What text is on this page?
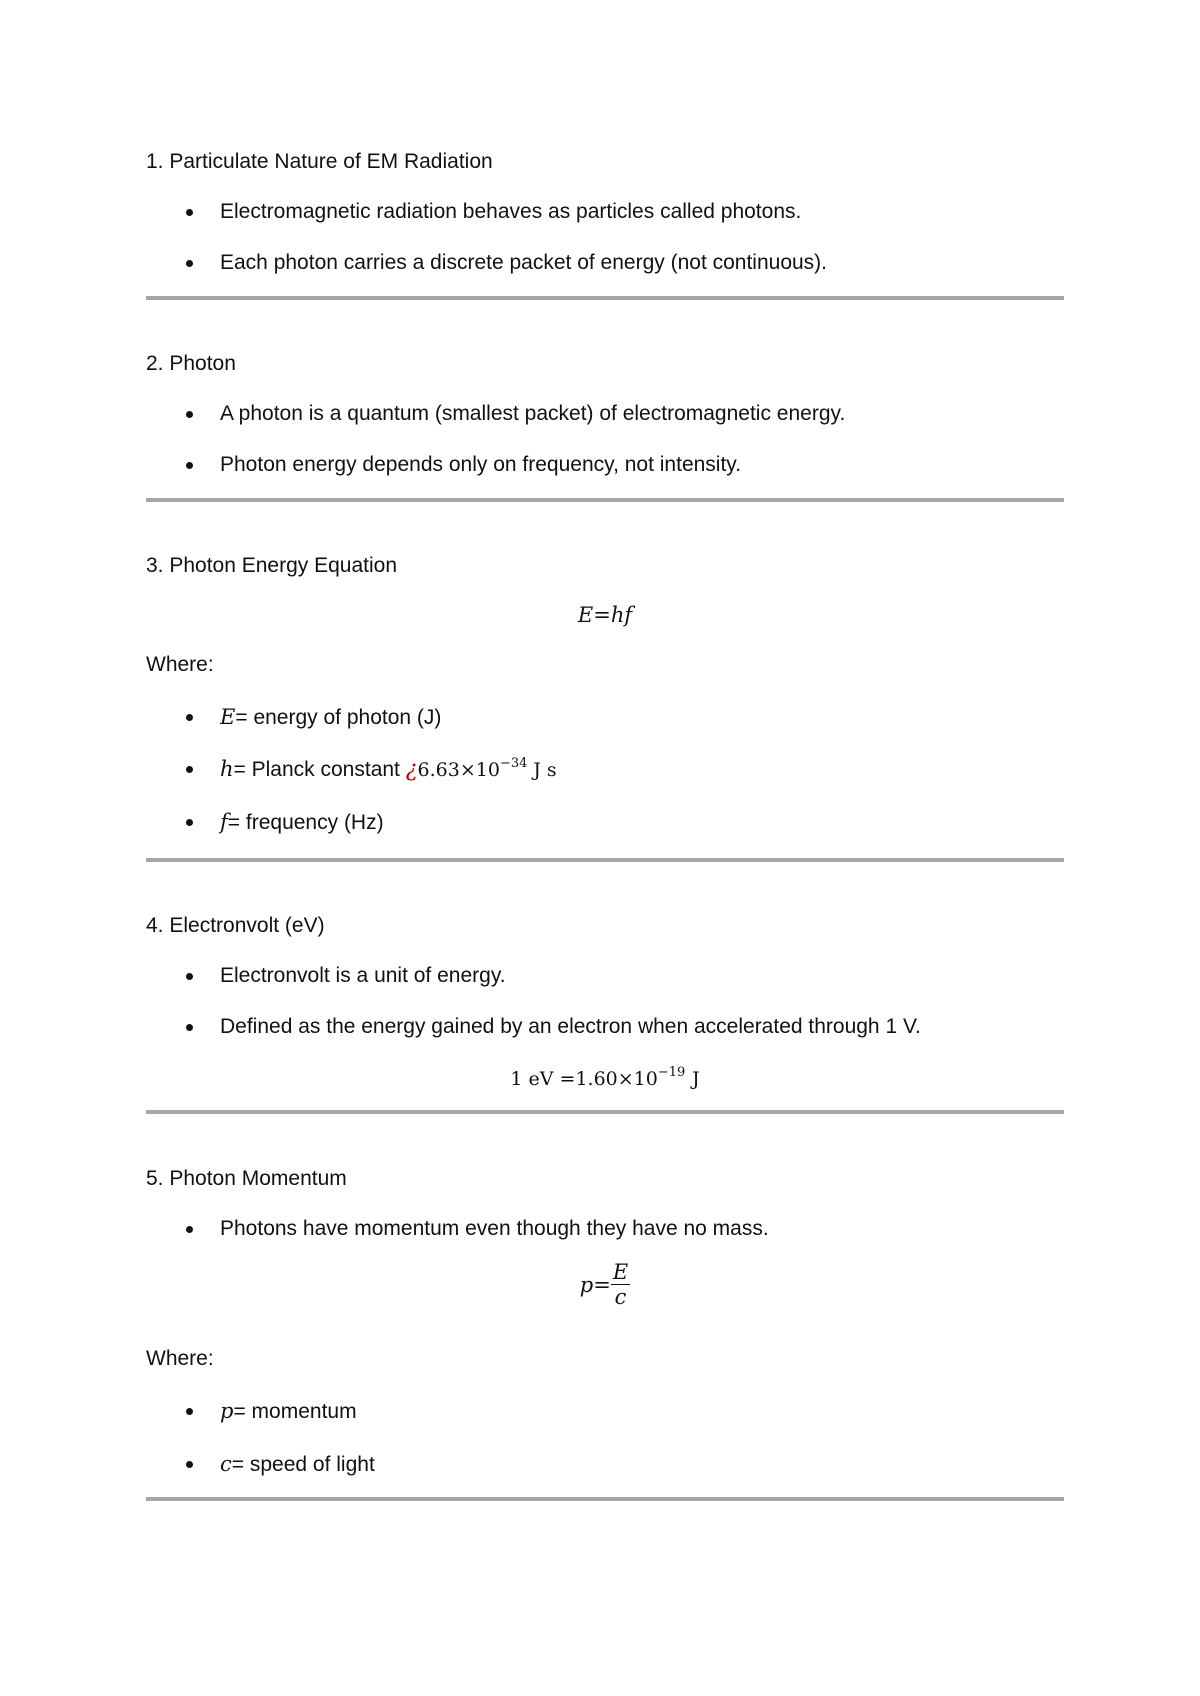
1. Particulate Nature of EM Radiation
Electromagnetic radiation behaves as particles called photons.
Each photon carries a discrete packet of energy (not continuous).
2. Photon
A photon is a quantum (smallest packet) of electromagnetic energy.
Photon energy depends only on frequency, not intensity.
3. Photon Energy Equation
E=hf
Where:
E= energy of photon (J)
h= Planck constant ¿$6.63\times 10^{-34}$ J s
f= frequency (Hz)
4. Electronvolt (eV)
Electronvolt is a unit of energy.
Defined as the energy gained by an electron when accelerated through 1 V.
1 eV $=1.60\times 10^{-19}$ J
5. Photon Momentum
Photons have momentum even though they have no mass.
$p= \frac{E}{c}$
Where:
p= momentum
c= speed of light
